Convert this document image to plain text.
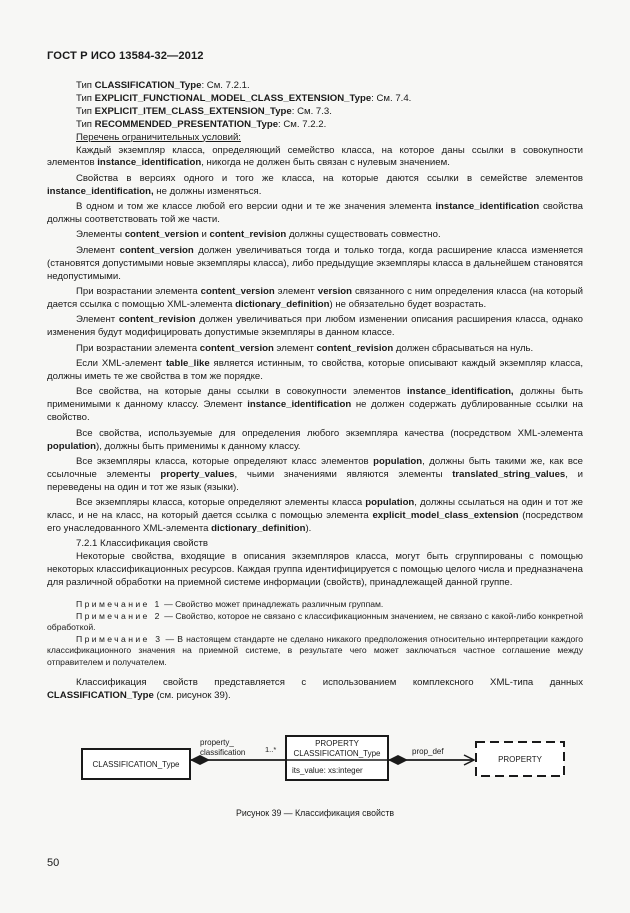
ГОСТ Р ИСО 13584-32—2012
Тип CLASSIFICATION_Type: См. 7.2.1.
Тип EXPLICIT_FUNCTIONAL_MODEL_CLASS_EXTENSION_Type: См. 7.4.
Тип EXPLICIT_ITEM_CLASS_EXTENSION_Type: См. 7.3.
Тип RECOMMENDED_PRESENTATION_Type: См. 7.2.2.
Перечень ограничительных условий:

Каждый экземпляр класса, определяющий семейство класса, на которое даны ссылки в совокупности элементов instance_identification, никогда не должен быть связан с нулевым значением.

Свойства в версиях одного и того же класса, на которые даются ссылки в семействе элементов instance_identification, не должны изменяться.

В одном и том же классе любой его версии одни и те же значения элемента instance_identification свойства должны соответствовать той же части.

Элементы content_version и content_revision должны существовать совместно.

Элемент content_version должен увеличиваться тогда и только тогда, когда расширение класса изменяется (становятся допустимыми новые экземпляры класса), либо предыдущие экземпляры класса в дальнейшем становятся недопустимыми.

При возрастании элемента content_version элемент version связанного с ним определения класса (на который дается ссылка с помощью XML-элемента dictionary_definition) не обязательно будет возрастать.

Элемент content_revision должен увеличиваться при любом изменении описания расширения класса, однако изменения будут модифицировать допустимые экземпляры в данном классе.

При возрастании элемента content_version элемент content_revision должен сбрасываться на нуль.

Если XML-элемент table_like является истинным, то свойства, которые описывают каждый экземпляр класса, должны иметь те же свойства в том же порядке.

Все свойства, на которые даны ссылки в совокупности элементов instance_identification, должны быть применимыми к данному классу. Элемент instance_identification не должен содержать дублированные ссылки на свойство.

Все свойства, используемые для определения любого экземпляра качества (посредством XML-элемента population), должны быть применимы к данному классу.

Все экземпляры класса, которые определяют класс элементов population, должны быть такими же, как все ссылочные элементы property_values, чьими значениями являются элементы translated_string_values, и переведены на один и тот же язык (языки).

Все экземпляры класса, которые определяют элементы класса population, должны ссылаться на один и тот же класс, и не на класс, на который дается ссылка с помощью элемента explicit_model_class_extension (посредством его унаследованного XML-элемента dictionary_definition).

7.2.1 Классификация свойств

Некоторые свойства, входящие в описания экземпляров класса, могут быть сгруппированы с помощью некоторых классификационных ресурсов. Каждая группа идентифицируется с помощью целого числа и предназначена для различной обработки на приемной системе информации (свойств), принадлежащей данной группе.

Примечание 1 — Свойство может принадлежать различным группам.

Примечание 2 — Свойство, которое не связано с классификационным значением, не связано с какой-либо конкретной обработкой.

Примечание 3 — В настоящем стандарте не сделано никакого предположения относительно интерпретации каждого классификационного значения на приемной системе, в результате чего может заключаться частное соглашение между отправителем и получателем.

Классификация свойств представляется с использованием комплексного XML-типа данных CLASSIFICATION_Type (см. рисунок 39).

CLASSIFICATION_Type
property_
classification	1..*
PROPERTY
CLASSIFICATION_Type
its_value: xs:integer
prop_def
PROPERTY
Рисунок 39 — Классификация свойств
50
